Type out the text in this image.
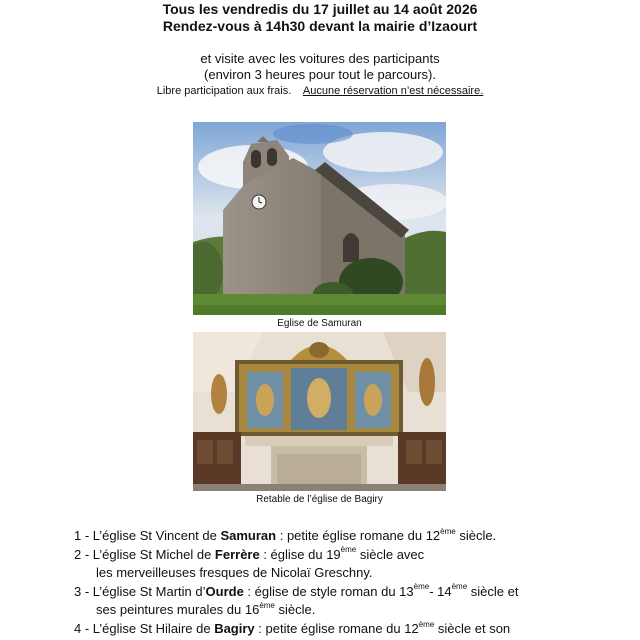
Tous les vendredis du 17 juillet au 14 août 2026

Rendez-vous à 14h30 devant la mairie d’Izaourt

et visite avec les voitures des participants
(environ 3 heures pour tout le parcours).
Libre participation aux frais. Aucune réservation n’est nécessaire.
Eglise de Samuran
Retable de l’église de Bagiry

1 - L’église St Vincent de Samuran : petite église romane du 12ème siècle.

2 - L’église St Michel de Ferrère : église du 19ème siècle avec

les merveilleuses fresques de Nicolaï Greschny.

3 - L’église St Martin d’Ourde : église de style roman du 13ème- 14ème siècle et

ses peintures murales du 16ème siècle.

4 - L’église St Hilaire de Bagiry : petite église romane du 12ème siècle et son
